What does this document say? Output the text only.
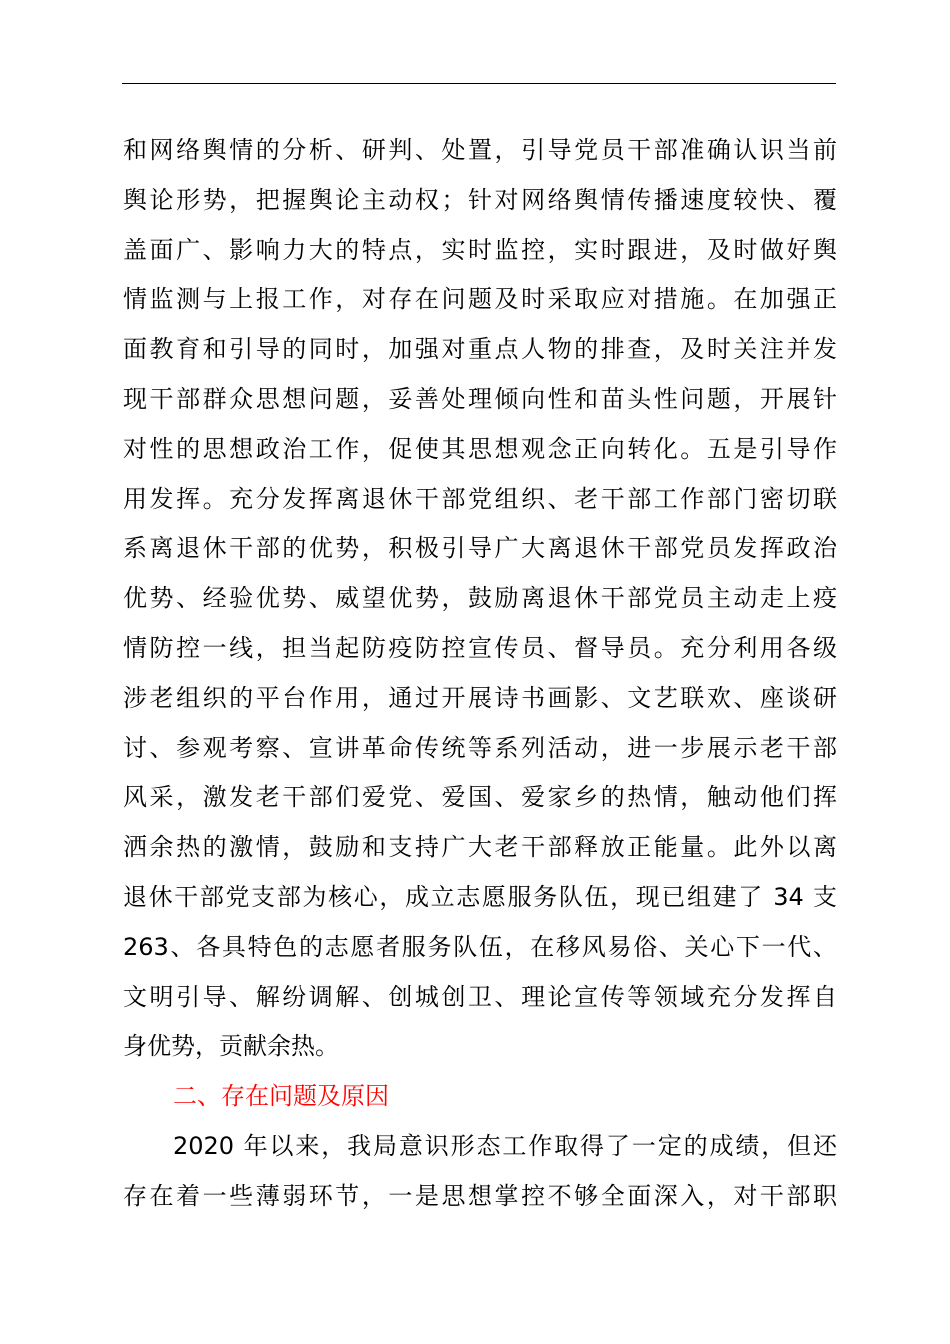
和网络舆情的分析、研判、处置，引导党员干部准确认识当前
舆论形势，把握舆论主动权；针对网络舆情传播速度较快、覆
盖面广、影响力大的特点，实时监控，实时跟进，及时做好舆
情监测与上报工作，对存在问题及时采取应对措施。在加强正
面教育和引导的同时，加强对重点人物的排查，及时关注并发
现干部群众思想问题，妥善处理倾向性和苗头性问题，开展针
对性的思想政治工作，促使其思想观念正向转化。五是引导作
用发挥。充分发挥离退休干部党组织、老干部工作部门密切联
系离退休干部的优势，积极引导广大离退休干部党员发挥政治
优势、经验优势、威望优势，鼓励离退休干部党员主动走上疫
情防控一线，担当起防疫防控宣传员、督导员。充分利用各级
涉老组织的平台作用，通过开展诗书画影、文艺联欢、座谈研
讨、参观考察、宣讲革命传统等系列活动，进一步展示老干部
风采，激发老干部们爱党、爱国、爱家乡的热情，触动他们挥
洒余热的激情，鼓励和支持广大老干部释放正能量。此外以离
退休干部党支部为核心，成立志愿服务队伍，现已组建了 34 支
263、各具特色的志愿者服务队伍，在移风易俗、关心下一代、
文明引导、解纷调解、创城创卫、理论宣传等领域充分发挥自
身优势，贡献余热。
二、存在问题及原因
2020 年以来，我局意识形态工作取得了一定的成绩，但还
存在着一些薄弱环节，一是思想掌控不够全面深入，对干部职
